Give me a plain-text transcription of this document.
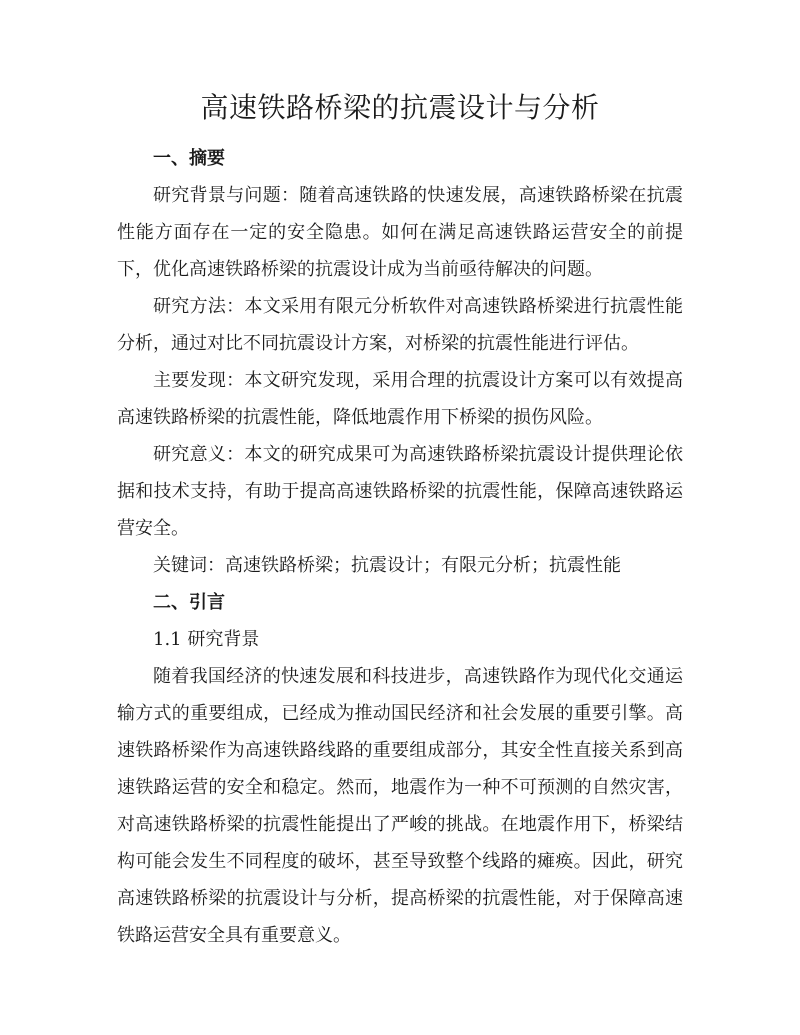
高速铁路桥梁的抗震设计与分析
一、摘要

研究背景与问题：随着高速铁路的快速发展，高速铁路桥梁在抗震性能方面存在一定的安全隐患。如何在满足高速铁路运营安全的前提下，优化高速铁路桥梁的抗震设计成为当前亟待解决的问题。

研究方法：本文采用有限元分析软件对高速铁路桥梁进行抗震性能分析，通过对比不同抗震设计方案，对桥梁的抗震性能进行评估。

主要发现：本文研究发现，采用合理的抗震设计方案可以有效提高高速铁路桥梁的抗震性能，降低地震作用下桥梁的损伤风险。

研究意义：本文的研究成果可为高速铁路桥梁抗震设计提供理论依据和技术支持，有助于提高高速铁路桥梁的抗震性能，保障高速铁路运营安全。

关键词：高速铁路桥梁；抗震设计；有限元分析；抗震性能

二、引言
1.1 研究背景

随着我国经济的快速发展和科技进步，高速铁路作为现代化交通运输方式的重要组成，已经成为推动国民经济和社会发展的重要引擎。高速铁路桥梁作为高速铁路线路的重要组成部分，其安全性直接关系到高速铁路运营的安全和稳定。然而，地震作为一种不可预测的自然灾害，对高速铁路桥梁的抗震性能提出了严峻的挑战。在地震作用下，桥梁结构可能会发生不同程度的破坏，甚至导致整个线路的瘫痪。因此，研究高速铁路桥梁的抗震设计与分析，提高桥梁的抗震性能，对于保障高速铁路运营安全具有重要意义。
